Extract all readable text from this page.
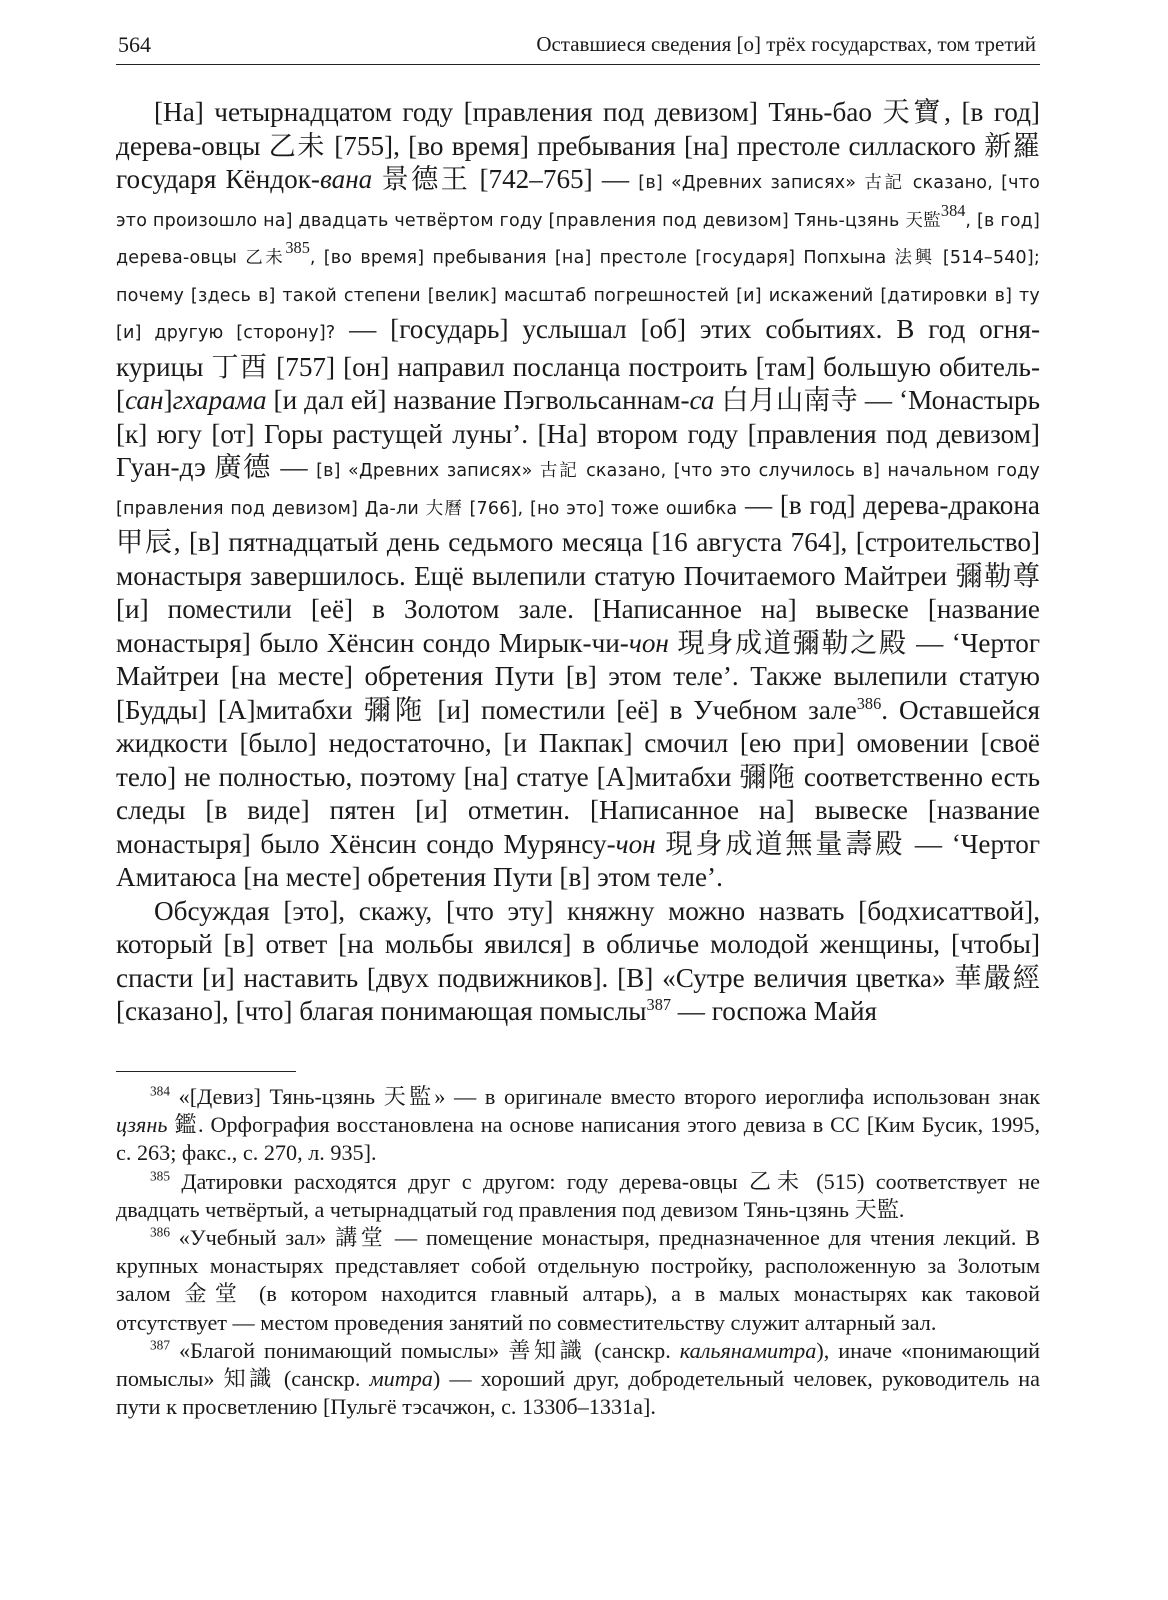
564	Оставшиеся сведения [о] трёх государствах, том третий

[На] четырнадцатом году [правления под девизом] Тянь-бао 天寶, [в год] дерева-овцы 乙未 [755], [во время] пребывания [на] престоле силлаского 新羅 государя Кёндок-вана 景德王 [742–765] — [в] «Древних записях» 古記 сказано, [что это произошло на] двадцать четвёртом году [правления под девизом] Тянь-цзянь 天監$^{384}$, [в год] дерева-овцы 乙未$^{385}$, [во время] пребывания [на] престоле [государя] Попхына 法興 [514–540]; почему [здесь в] такой степени [велик] масштаб погрешностей [и] искажений [датировки в] ту [и] другую [сторону]? — [государь] услышал [об] этих событиях. В год огня-курицы 丁酉 [757] [он] направил посланца построить [там] большую обитель-[сан]гхарама [и дал ей] название Пэгвольсаннам-са 白月山南寺 — ‘Монастырь [к] югу [от] Горы растущей луны’. [На] втором году [правления под девизом] Гуан-дэ 廣德 — [в] «Древних записях» 古記 сказано, [что это случилось в] начальном году [правления под девизом] Да-ли 大曆 [766], [но это] тоже ошибка — [в год] дерева-дракона 甲辰, [в] пятнадцатый день седьмого месяца [16 августа 764], [строительство] монастыря завершилось. Ещё вылепили статую Почитаемого Майтреи 彌勒尊 [и] поместили [её] в Золотом зале. [Написанное на] вывеске [название монастыря] было Хёнсин сондо Мирык-чи-чон 現身成道彌勒之殿 — ‘Чертог Майтреи [на месте] обретения Пути [в] этом теле’. Также вылепили статую [Будды] [А]митабхи 彌陁 [и] поместили [её] в Учебном зале$^{386}$. Оставшейся жидкости [было] недостаточно, [и Пакпак] смочил [ею при] омовении [своё тело] не полностью, поэтому [на] статуе [А]митабхи 彌陁 соответственно есть следы [в виде] пятен [и] отметин. [Написанное на] вывеске [название монастыря] было Хёнсин сондо Мурянсу-чон 現身成道無量壽殿 — ‘Чертог Амитаюса [на месте] обретения Пути [в] этом теле’.

Обсуждая [это], скажу, [что эту] княжну можно назвать [бодхисаттвой], который [в] ответ [на мольбы явился] в обличье молодой женщины, [чтобы] спасти [и] наставить [двух подвижников]. [В] «Сутре величия цветка» 華嚴經 [сказано], [что] благая понимающая помыслы$^{387}$ — госпожа Майя

$^{384}$ «[Девиз] Тянь-цзянь 天監» — в оригинале вместо второго иероглифа использован знак цзянь 鑑. Орфография восстановлена на основе написания этого девиза в СС [Ким Бусик, 1995, с. 263; факс., с. 270, л. 935].

$^{385}$ Датировки расходятся друг с другом: году дерева-овцы 乙未 (515) соответствует не двадцать четвёртый, а четырнадцатый год правления под девизом Тянь-цзянь 天監.

$^{386}$ «Учебный зал» 講堂 — помещение монастыря, предназначенное для чтения лекций. В крупных монастырях представляет собой отдельную постройку, расположенную за Золотым залом 金堂 (в котором находится главный алтарь), а в малых монастырях как таковой отсутствует — местом проведения занятий по совместительству служит алтарный зал.

$^{387}$ «Благой понимающий помыслы» 善知識 (санскр. кальянамитра), иначе «понимающий помыслы» 知識 (санскр. митра) — хороший друг, добродетельный человек, руководитель на пути к просветлению [Пульгё тэсачжон, с. 1330б–1331а].
